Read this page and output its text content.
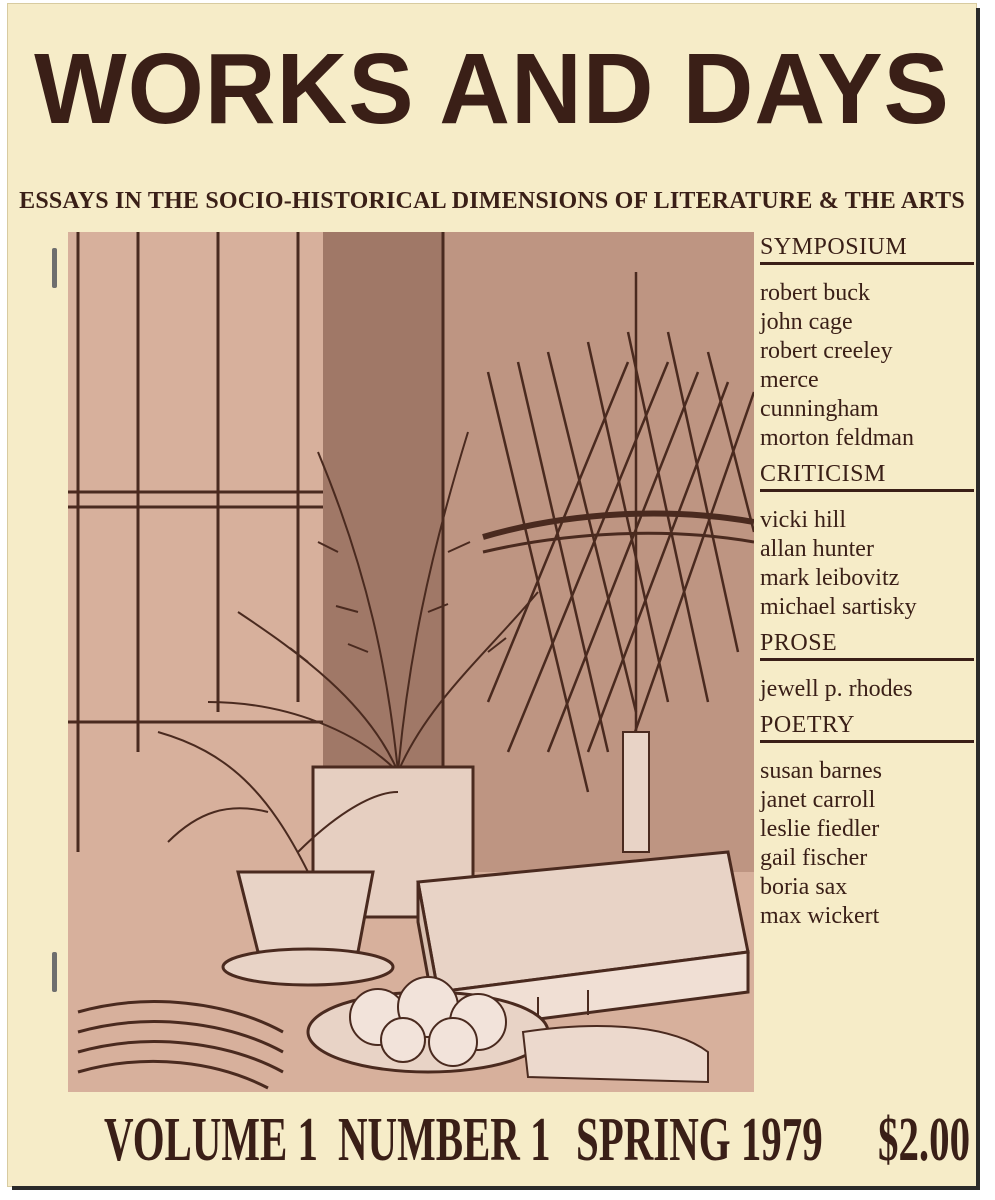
WORKS AND DAYS
ESSAYS IN THE SOCIO-HISTORICAL DIMENSIONS OF LITERATURE & THE ARTS
SYMPOSIUM
robert buck
john cage
robert creeley
merce
cunningham
morton feldman
CRITICISM
vicki hill
allan hunter
mark leibovitz
michael sartisky
PROSE
jewell p. rhodes
POETRY
susan barnes
janet carroll
leslie fiedler
gail fischer
boria sax
max wickert
VOLUME 1 NUMBER 1 SPRING 1979 $2.00
